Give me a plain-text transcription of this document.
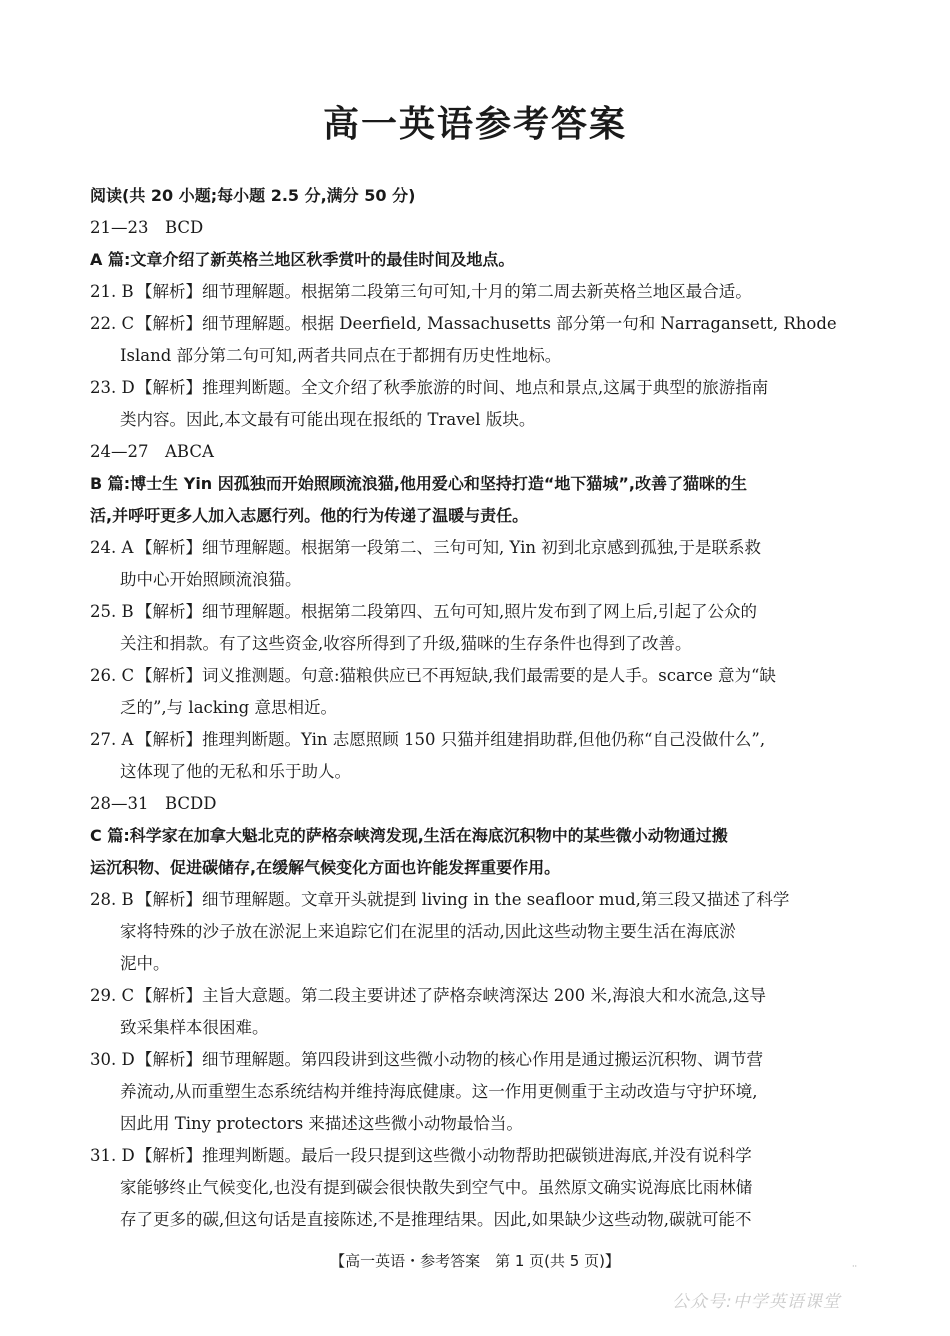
高一英语参考答案
阅读(共 20 小题;每小题 2.5 分,满分 50 分)
21—23　BCD
A 篇:文章介绍了新英格兰地区秋季赏叶的最佳时间及地点。
21. B 【解析】细节理解题。根据第二段第三句可知,十月的第二周去新英格兰地区最合适。
22. C 【解析】细节理解题。根据 Deerfield, Massachusetts 部分第一句和 Narragansett, Rhode
Island 部分第二句可知,两者共同点在于都拥有历史性地标。
23. D 【解析】推理判断题。全文介绍了秋季旅游的时间、地点和景点,这属于典型的旅游指南
类内容。因此,本文最有可能出现在报纸的 Travel 版块。
24—27　ABCA
B 篇:博士生 Yin 因孤独而开始照顾流浪猫,他用爱心和坚持打造“地下猫城”,改善了猫咪的生
活,并呼吁更多人加入志愿行列。他的行为传递了温暖与责任。
24. A 【解析】细节理解题。根据第一段第二、三句可知, Yin 初到北京感到孤独,于是联系救
助中心开始照顾流浪猫。
25. B 【解析】细节理解题。根据第二段第四、五句可知,照片发布到了网上后,引起了公众的
关注和捐款。有了这些资金,收容所得到了升级,猫咪的生存条件也得到了改善。
26. C 【解析】词义推测题。句意:猫粮供应已不再短缺,我们最需要的是人手。scarce 意为“缺
乏的”,与 lacking 意思相近。
27. A 【解析】推理判断题。Yin 志愿照顾 150 只猫并组建捐助群,但他仍称“自己没做什么”,
这体现了他的无私和乐于助人。
28—31　BCDD
C 篇:科学家在加拿大魁北克的萨格奈峡湾发现,生活在海底沉积物中的某些微小动物通过搬
运沉积物、促进碳储存,在缓解气候变化方面也许能发挥重要作用。
28. B 【解析】细节理解题。文章开头就提到 living in the seafloor mud,第三段又描述了科学
家将特殊的沙子放在淤泥上来追踪它们在泥里的活动,因此这些动物主要生活在海底淤
泥中。
29. C 【解析】主旨大意题。第二段主要讲述了萨格奈峡湾深达 200 米,海浪大和水流急,这导
致采集样本很困难。
30. D 【解析】细节理解题。第四段讲到这些微小动物的核心作用是通过搬运沉积物、调节营
养流动,从而重塑生态系统结构并维持海底健康。这一作用更侧重于主动改造与守护环境,
因此用 Tiny protectors 来描述这些微小动物最恰当。
31. D 【解析】推理判断题。最后一段只提到这些微小动物帮助把碳锁进海底,并没有说科学
家能够终止气候变化,也没有提到碳会很快散失到空气中。虽然原文确实说海底比雨林储
存了更多的碳,但这句话是直接陈述,不是推理结果。因此,如果缺少这些动物,碳就可能不
【高一英语・参考答案　第 1 页(共 5 页)】	··
公众号:中学英语课堂
